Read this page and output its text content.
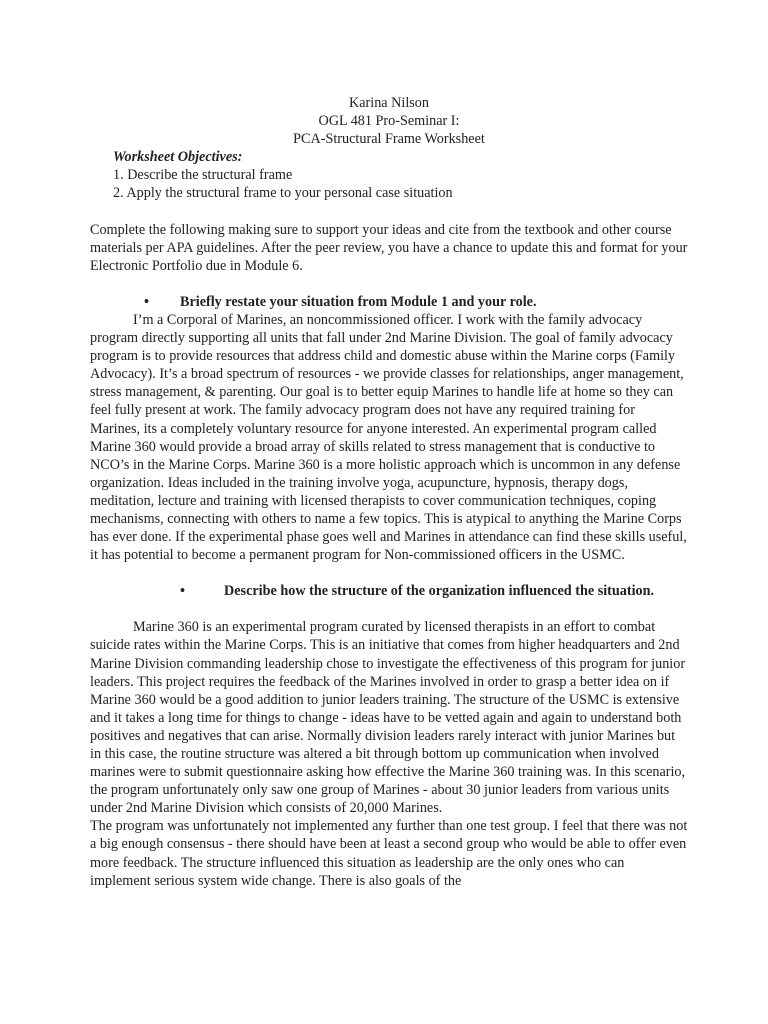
Karina Nilson
OGL 481 Pro-Seminar I:
PCA-Structural Frame Worksheet
Worksheet Objectives:
1. Describe the structural frame
2. Apply the structural frame to your personal case situation

Complete the following making sure to support your ideas and cite from the textbook and other course materials per APA guidelines. After the peer review, you have a chance to update this and format for your Electronic Portfolio due in Module 6.

•	Briefly restate your situation from Module 1 and your role.

I’m a Corporal of Marines, an noncommissioned officer. I work with the family advocacy program directly supporting all units that fall under 2nd Marine Division. The goal of family advocacy program is to provide resources that address child and domestic abuse within the Marine corps (Family Advocacy). It’s a broad spectrum of resources - we provide classes for relationships, anger management, stress management, & parenting. Our goal is to better equip Marines to handle life at home so they can feel fully present at work. The family advocacy program does not have any required training for Marines, its a completely voluntary resource for anyone interested. An experimental program called Marine 360 would provide a broad array of skills related to stress management that is conductive to NCO’s in the Marine Corps. Marine 360 is a more holistic approach which is uncommon in any defense organization. Ideas included in the training involve yoga, acupuncture, hypnosis, therapy dogs, meditation, lecture and training with licensed therapists to cover communication techniques, coping mechanisms, connecting with others to name a few topics. This is atypical to anything the Marine Corps has ever done. If the experimental phase goes well and Marines in attendance can find these skills useful, it has potential to become a permanent program for Non-commissioned officers in the USMC.

•	Describe how the structure of the organization influenced the situation.

Marine 360 is an experimental program curated by licensed therapists in an effort to combat suicide rates within the Marine Corps. This is an initiative that comes from higher headquarters and 2nd Marine Division commanding leadership chose to investigate the effectiveness of this program for junior leaders. This project requires the feedback of the Marines involved in order to grasp a better idea on if Marine 360 would be a good addition to junior leaders training. The structure of the USMC is extensive and it takes a long time for things to change - ideas have to be vetted again and again to understand both positives and negatives that can arise. Normally division leaders rarely interact with junior Marines but in this case, the routine structure was altered a bit through bottom up communication when involved marines were to submit questionnaire asking how effective the Marine 360 training was. In this scenario, the program unfortunately only saw one group of Marines - about 30 junior leaders from various units under 2nd Marine Division which consists of 20,000 Marines.

The program was unfortunately not implemented any further than one test group. I feel that there was not a big enough consensus - there should have been at least a second group who would be able to offer even more feedback. The structure influenced this situation as leadership are the only ones who can implement serious system wide change. There is also goals of the
